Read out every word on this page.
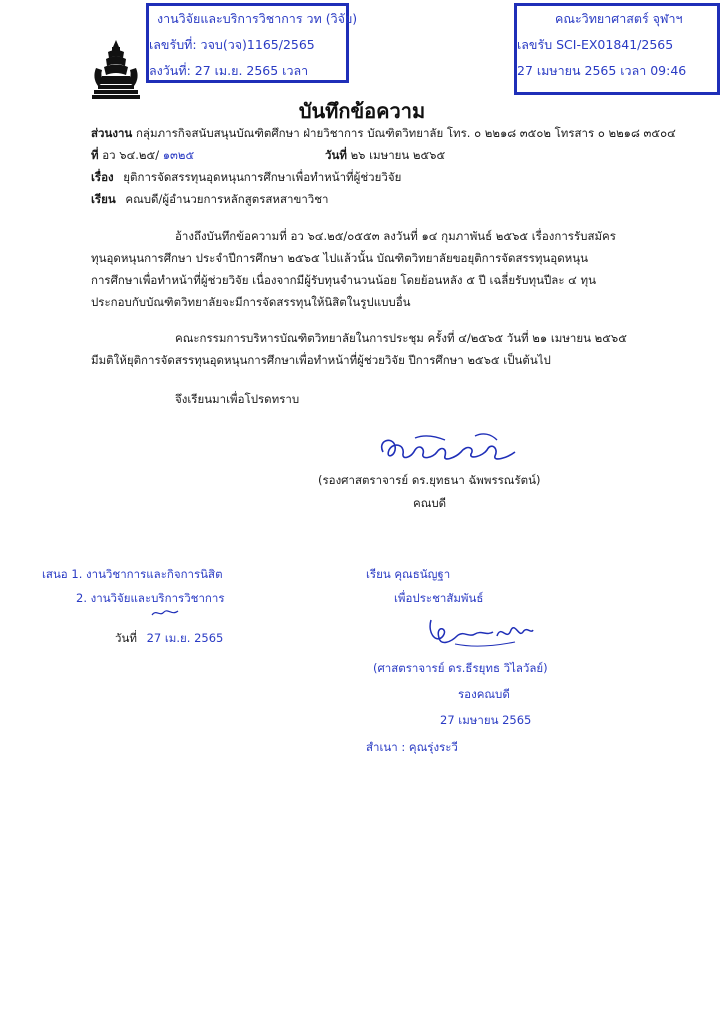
งานวิจัยและบริการวิชาการ วท (วิจัย)
เลขรับที่: วจบ(วจ)1165/2565
ลงวันที่: 27 เม.ย. 2565 เวลา
คณะวิทยาศาสตร์ จุฬาฯ
เลขรับ SCI-EX01841/2565
27 เมษายน 2565 เวลา 09:46
บันทึกข้อความ
ส่วนงาน กลุ่มภารกิจสนับสนุนบัณฑิตศึกษา ฝ่ายวิชาการ บัณฑิตวิทยาลัย โทร. ๐ ๒๒๑๘ ๓๕๐๒ โทรสาร ๐ ๒๒๑๘ ๓๕๐๔
ที่ อว ๖๔.๒๕/ ๑๓๒๕	วันที่ ๒๖ เมษายน ๒๕๖๕
เรื่อง ยุติการจัดสรรทุนอุดหนุนการศึกษาเพื่อทำหน้าที่ผู้ช่วยวิจัย
เรียน คณบดี/ผู้อำนวยการหลักสูตรสหสาขาวิชา
อ้างถึงบันทึกข้อความที่ อว ๖๔.๒๕/๐๕๕๓ ลงวันที่ ๑๔ กุมภาพันธ์ ๒๕๖๕ เรื่องการรับสมัคร
ทุนอุดหนุนการศึกษา ประจำปีการศึกษา ๒๕๖๕ ไปแล้วนั้น บัณฑิตวิทยาลัยขอยุติการจัดสรรทุนอุดหนุน
การศึกษาเพื่อทำหน้าที่ผู้ช่วยวิจัย เนื่องจากมีผู้รับทุนจำนวนน้อย โดยย้อนหลัง ๕ ปี เฉลี่ยรับทุนปีละ ๔ ทุน
ประกอบกับบัณฑิตวิทยาลัยจะมีการจัดสรรทุนให้นิสิตในรูปแบบอื่น
คณะกรรมการบริหารบัณฑิตวิทยาลัยในการประชุม ครั้งที่ ๔/๒๕๖๕ วันที่ ๒๑ เมษายน ๒๕๖๕
มีมติให้ยุติการจัดสรรทุนอุดหนุนการศึกษาเพื่อทำหน้าที่ผู้ช่วยวิจัย ปีการศึกษา ๒๕๖๕ เป็นต้นไป
จึงเรียนมาเพื่อโปรดทราบ
(รองศาสตราจารย์ ดร.ยุทธนา ฉัพพรรณรัตน์)
คณบดี
เสนอ 1. งานวิชาการและกิจการนิสิต
2. งานวิจัยและบริการวิชาการ
วันที่ 27 เม.ย. 2565
เรียน คุณธนัญฐา
เพื่อประชาสัมพันธ์
(ศาสตราจารย์ ดร.ธีรยุทธ วิไลวัลย์)
รองคณบดี
27 เมษายน 2565
สำเนา : คุณรุ่งระวี
